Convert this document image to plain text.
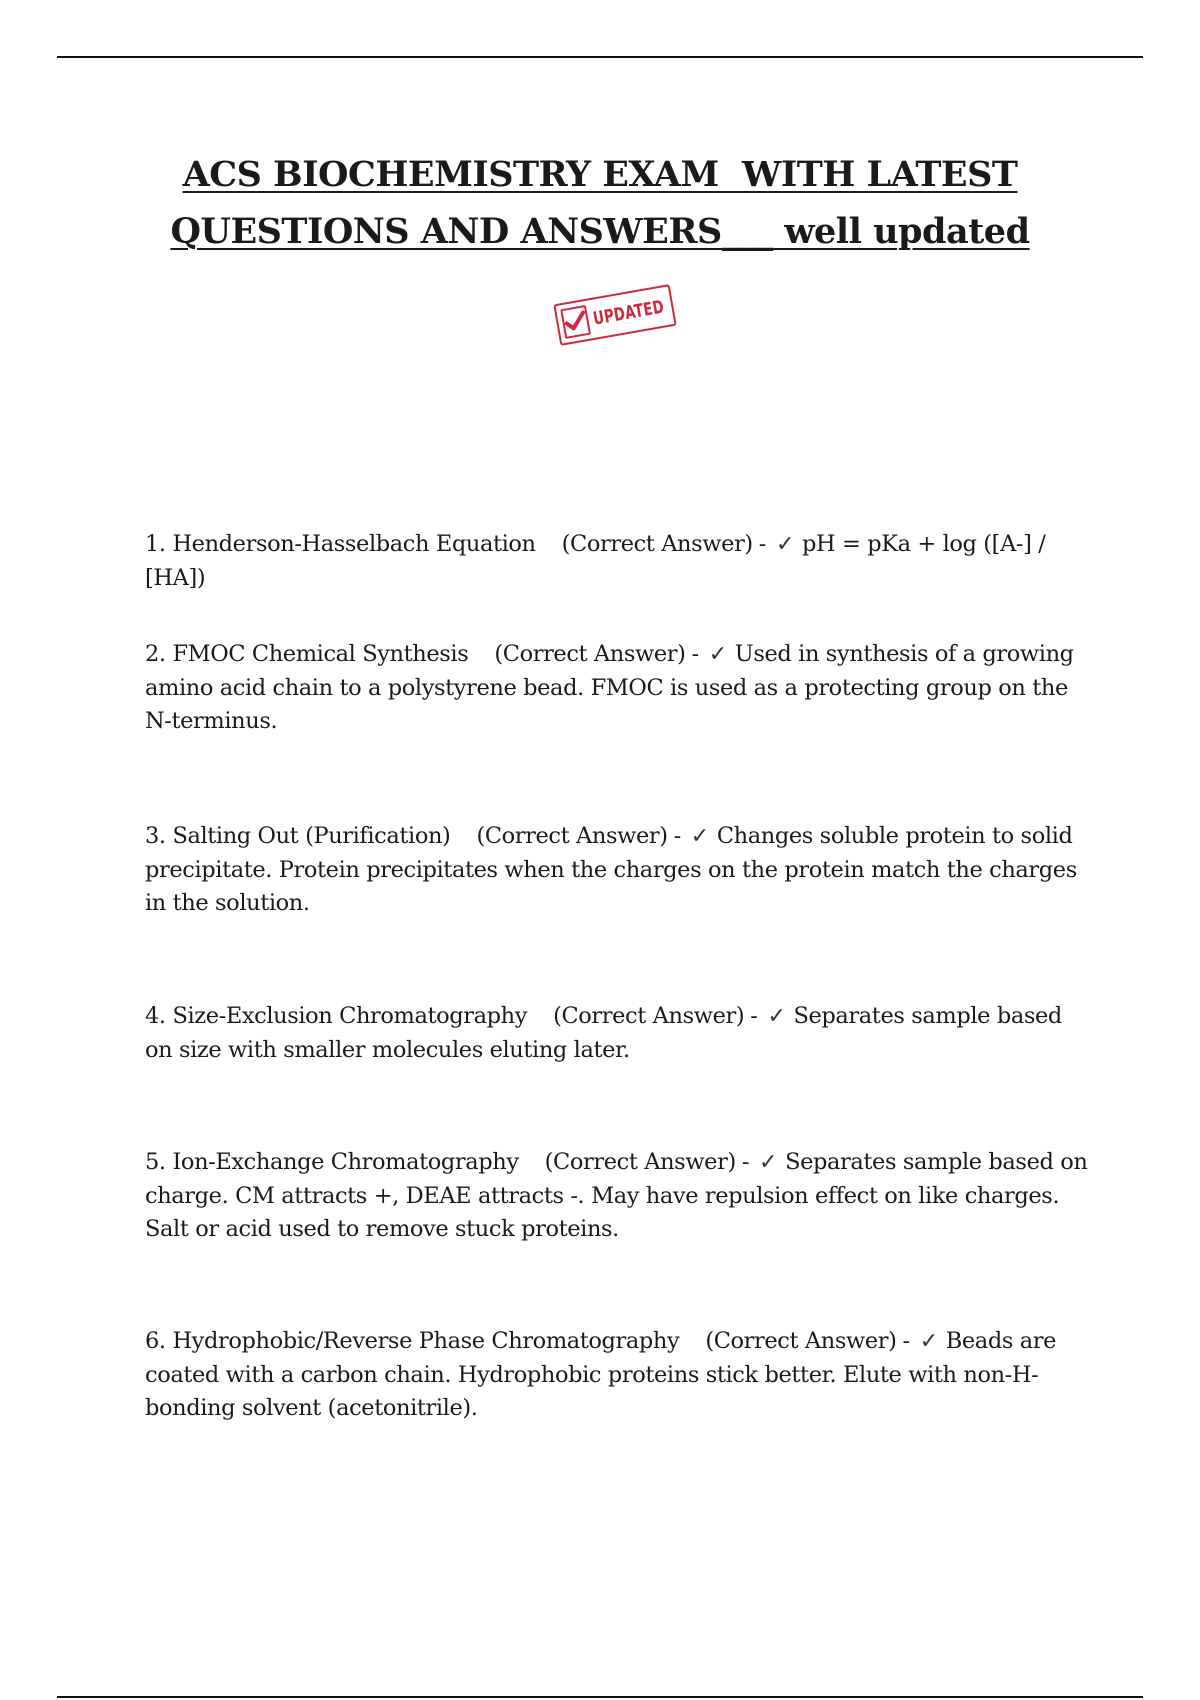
ACS BIOCHEMISTRY EXAM  WITH LATEST
QUESTIONS AND ANSWERS___ well updated
UPDATED
1. Henderson-Hasselbach Equation (Correct Answer) - ✓ pH = pKa + log ([A-] / [HA])
2. FMOC Chemical Synthesis (Correct Answer) - ✓ Used in synthesis of a growing amino acid chain to a polystyrene bead. FMOC is used as a protecting group on the N-terminus.
3. Salting Out (Purification) (Correct Answer) - ✓ Changes soluble protein to solid precipitate. Protein precipitates when the charges on the protein match the charges in the solution.
4. Size-Exclusion Chromatography (Correct Answer) - ✓ Separates sample based on size with smaller molecules eluting later.
5. Ion-Exchange Chromatography (Correct Answer) - ✓ Separates sample based on charge. CM attracts +, DEAE attracts -. May have repulsion effect on like charges. Salt or acid used to remove stuck proteins.
6. Hydrophobic/Reverse Phase Chromatography (Correct Answer) - ✓ Beads are coated with a carbon chain. Hydrophobic proteins stick better. Elute with non-H-bonding solvent (acetonitrile).
